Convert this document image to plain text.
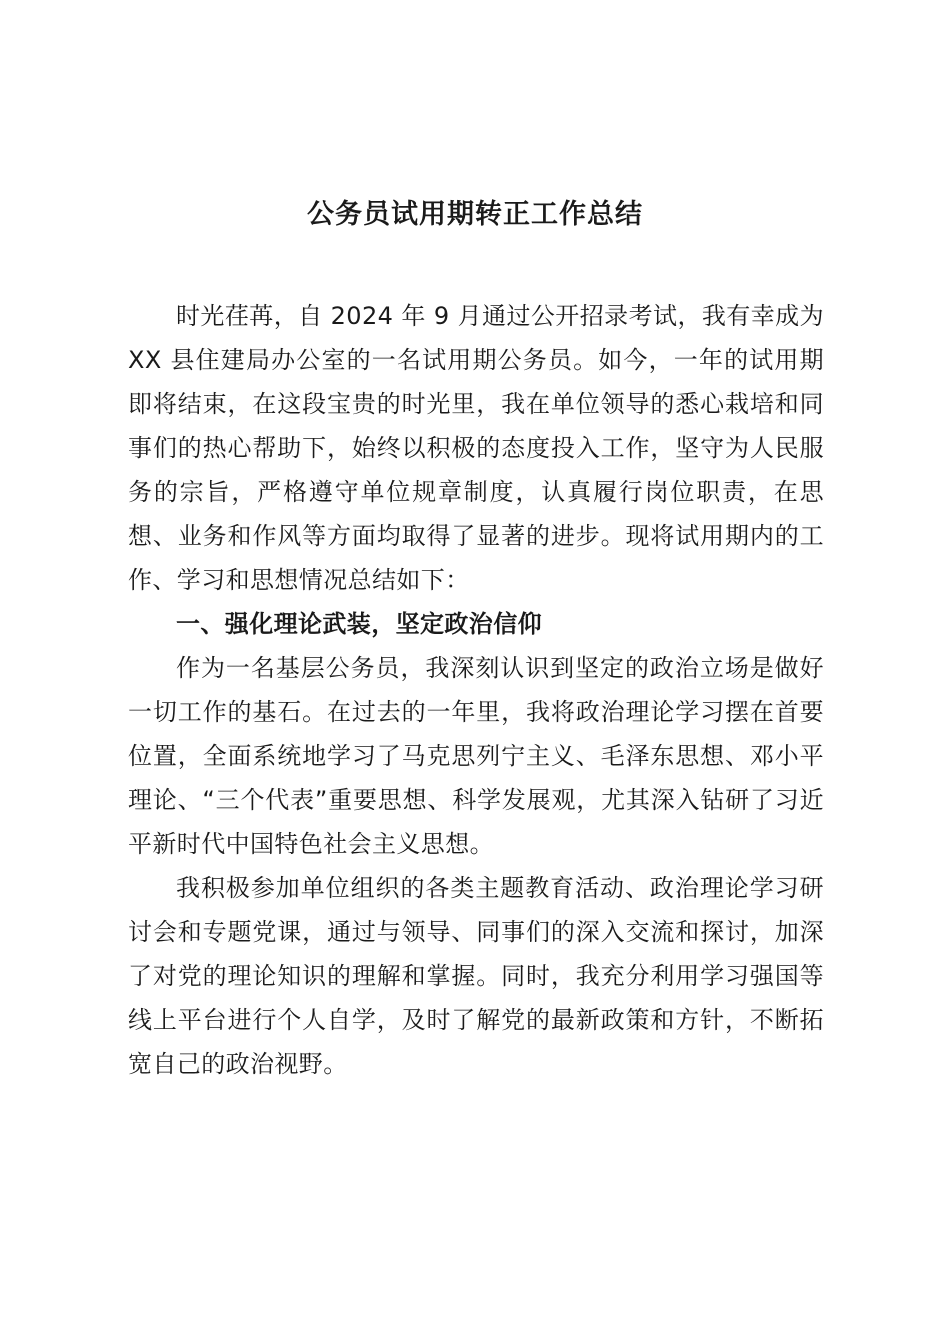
公务员试用期转正工作总结

时光荏苒，自 2024 年 9 月通过公开招录考试，我有幸成为 XX 县住建局办公室的一名试用期公务员。如今，一年的试用期即将结束，在这段宝贵的时光里，我在单位领导的悉心栽培和同事们的热心帮助下，始终以积极的态度投入工作，坚守为人民服务的宗旨，严格遵守单位规章制度，认真履行岗位职责，在思想、业务和作风等方面均取得了显著的进步。现将试用期内的工作、学习和思想情况总结如下：

一、强化理论武装，坚定政治信仰

作为一名基层公务员，我深刻认识到坚定的政治立场是做好一切工作的基石。在过去的一年里，我将政治理论学习摆在首要位置，全面系统地学习了马克思列宁主义、毛泽东思想、邓小平理论、“三个代表”重要思想、科学发展观，尤其深入钻研了习近平新时代中国特色社会主义思想。

我积极参加单位组织的各类主题教育活动、政治理论学习研讨会和专题党课，通过与领导、同事们的深入交流和探讨，加深了对党的理论知识的理解和掌握。同时，我充分利用学习强国等线上平台进行个人自学，及时了解党的最新政策和方针，不断拓宽自己的政治视野。
